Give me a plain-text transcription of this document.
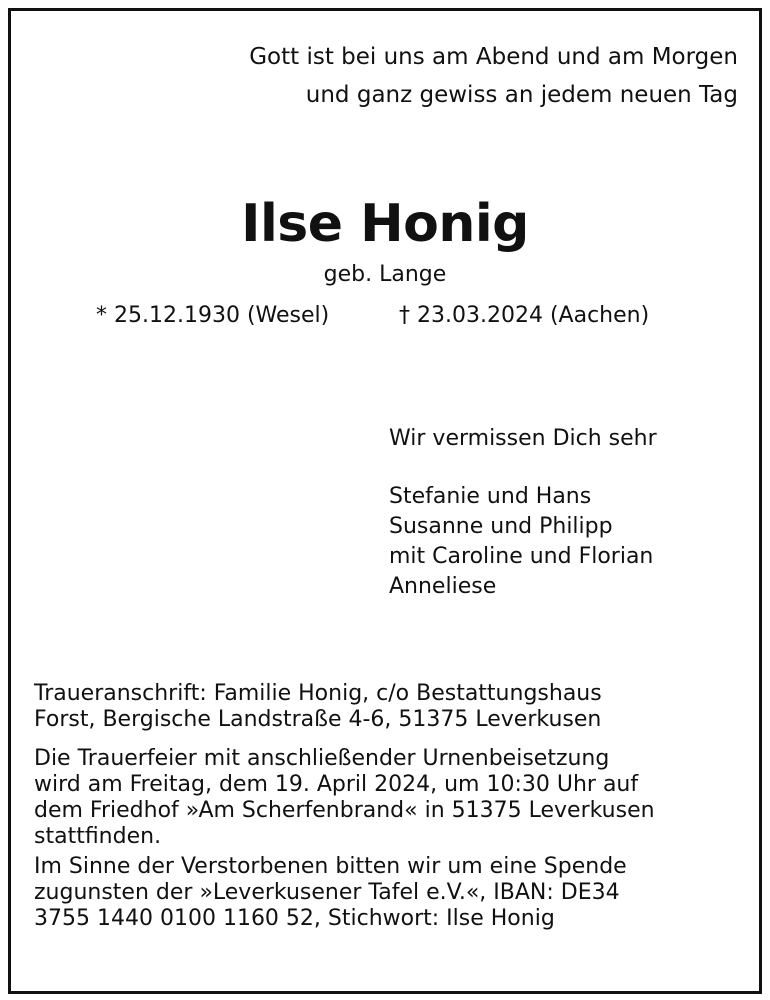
Gott ist bei uns am Abend und am Morgen
und ganz gewiss an jedem neuen Tag
Ilse Honig
geb. Lange
* 25.12.1930 (Wesel)	† 23.03.2024 (Aachen)
Wir vermissen Dich sehr
Stefanie und Hans
Susanne und Philipp
mit Caroline und Florian
Anneliese

Traueranschrift: Familie Honig, c/o Bestattungshaus
Forst, Bergische Landstraße 4-6, 51375 Leverkusen

Die Trauerfeier mit anschließender Urnenbeisetzung
wird am Freitag, dem 19. April 2024, um 10:30 Uhr auf
dem Friedhof »Am Scherfenbrand« in 51375 Leverkusen
stattfinden.

Im Sinne der Verstorbenen bitten wir um eine Spende
zugunsten der »Leverkusener Tafel e.V.«, IBAN: DE34
3755 1440 0100 1160 52, Stichwort: Ilse Honig
